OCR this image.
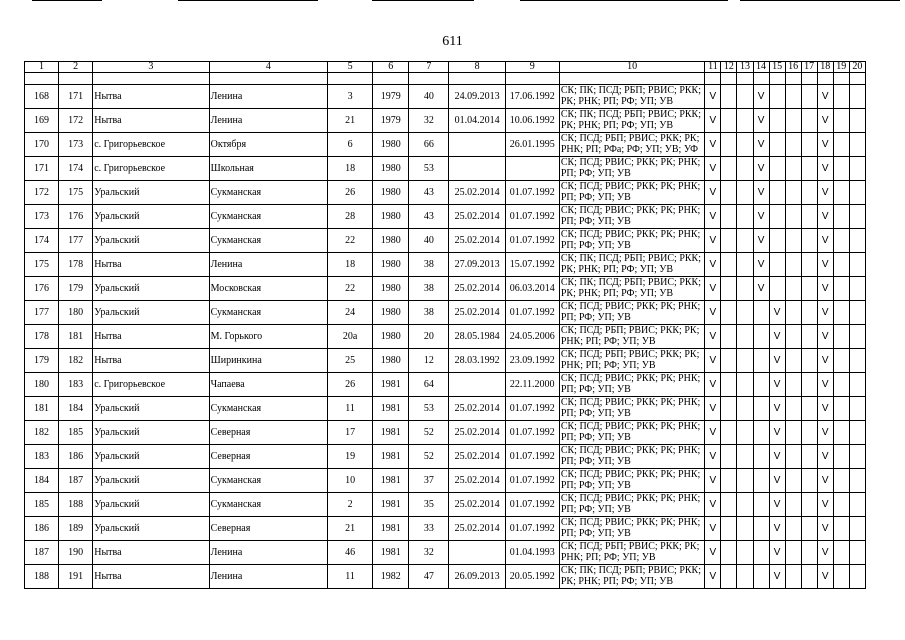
611
1	2	3	4	5	6	7	8	9	10	11	12	13	14	15	16	17	18	19	20

168	171	Нытва	Ленина	3	1979	40	24.09.2013	17.06.1992	СК; ПК; ПСД; РБП; РВИС; РКК; РК; РНК; РП; РФ; УП; УВ	V			V				V		
169	172	Нытва	Ленина	21	1979	32	01.04.2014	10.06.1992	СК; ПК; ПСД; РБП; РВИС; РКК; РК; РНК; РП; РФ; УП; УВ	V			V				V		
170	173	с. Григорьевское	Октября	6	1980	66		26.01.1995	СК; ПСД; РБП; РВИС; РКК; РК; РНК; РП; РФа; РФ; УП; УВ; УФ	V			V				V		
171	174	с. Григорьевское	Школьная	18	1980	53			СК; ПСД; РВИС; РКК; РК; РНК; РП; РФ; УП; УВ	V			V				V		
172	175	Уральский	Сукманская	26	1980	43	25.02.2014	01.07.1992	СК; ПСД; РВИС; РКК; РК; РНК; РП; РФ; УП; УВ	V			V				V		
173	176	Уральский	Сукманская	28	1980	43	25.02.2014	01.07.1992	СК; ПСД; РВИС; РКК; РК; РНК; РП; РФ; УП; УВ	V			V				V		
174	177	Уральский	Сукманская	22	1980	40	25.02.2014	01.07.1992	СК; ПСД; РВИС; РКК; РК; РНК; РП; РФ; УП; УВ	V			V				V		
175	178	Нытва	Ленина	18	1980	38	27.09.2013	15.07.1992	СК; ПК; ПСД; РБП; РВИС; РКК; РК; РНК; РП; РФ; УП; УВ	V			V				V		
176	179	Уральский	Московская	22	1980	38	25.02.2014	06.03.2014	СК; ПК; ПСД; РБП; РВИС; РКК; РК; РНК; РП; РФ; УП; УВ	V			V				V		
177	180	Уральский	Сукманская	24	1980	38	25.02.2014	01.07.1992	СК; ПСД; РВИС; РКК; РК; РНК; РП; РФ; УП; УВ	V				V			V		
178	181	Нытва	М. Горького	20а	1980	20	28.05.1984	24.05.2006	СК; ПСД; РБП; РВИС; РКК; РК; РНК; РП; РФ; УП; УВ	V				V			V		
179	182	Нытва	Ширинкина	25	1980	12	28.03.1992	23.09.1992	СК; ПСД; РБП; РВИС; РКК; РК; РНК; РП; РФ; УП; УВ	V				V			V		
180	183	с. Григорьевское	Чапаева	26	1981	64		22.11.2000	СК; ПСД; РВИС; РКК; РК; РНК; РП; РФ; УП; УВ	V				V			V		
181	184	Уральский	Сукманская	11	1981	53	25.02.2014	01.07.1992	СК; ПСД; РВИС; РКК; РК; РНК; РП; РФ; УП; УВ	V				V			V		
182	185	Уральский	Северная	17	1981	52	25.02.2014	01.07.1992	СК; ПСД; РВИС; РКК; РК; РНК; РП; РФ; УП; УВ	V				V			V		
183	186	Уральский	Северная	19	1981	52	25.02.2014	01.07.1992	СК; ПСД; РВИС; РКК; РК; РНК; РП; РФ; УП; УВ	V				V			V		
184	187	Уральский	Сукманская	10	1981	37	25.02.2014	01.07.1992	СК; ПСД; РВИС; РКК; РК; РНК; РП; РФ; УП; УВ	V				V			V		
185	188	Уральский	Сукманская	2	1981	35	25.02.2014	01.07.1992	СК; ПСД; РВИС; РКК; РК; РНК; РП; РФ; УП; УВ	V				V			V		
186	189	Уральский	Северная	21	1981	33	25.02.2014	01.07.1992	СК; ПСД; РВИС; РКК; РК; РНК; РП; РФ; УП; УВ	V				V			V		
187	190	Нытва	Ленина	46	1981	32		01.04.1993	СК; ПСД; РБП; РВИС; РКК; РК; РНК; РП; РФ; УП; УВ	V				V			V		
188	191	Нытва	Ленина	11	1982	47	26.09.2013	20.05.1992	СК; ПК; ПСД; РБП; РВИС; РКК; РК; РНК; РП; РФ; УП; УВ	V				V			V		
